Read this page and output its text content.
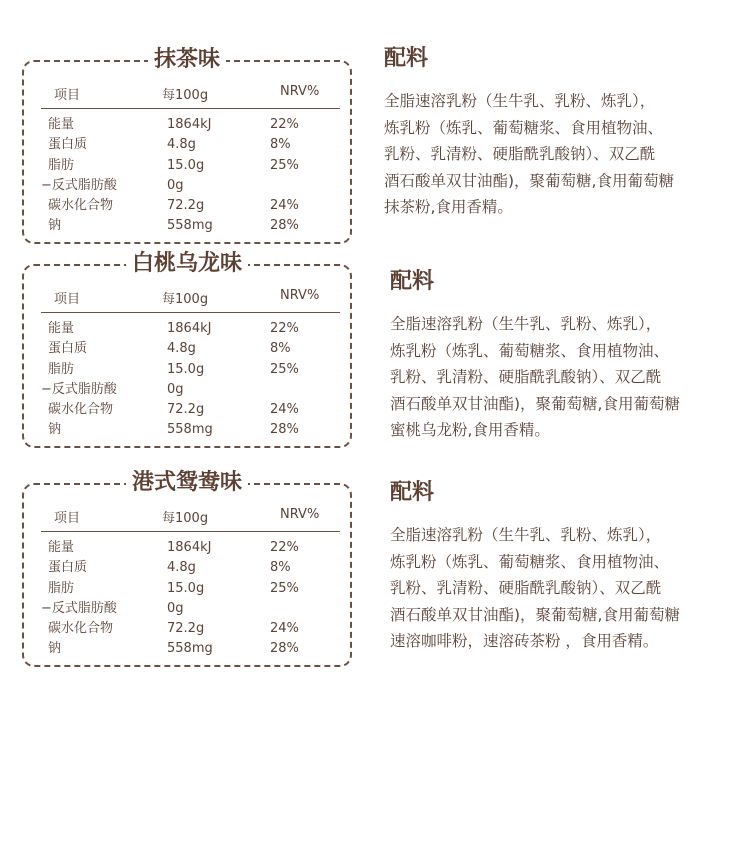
抹茶味
项目	每100g	NRV%
能量	1864kJ	22%
蛋白质	4.8g	8%
脂肪	15.0g	25%
−反式脂肪酸	0g
碳水化合物	72.2g	24%
钠	558mg	28%
白桃乌龙味
项目	每100g	NRV%
能量	1864kJ	22%
蛋白质	4.8g	8%
脂肪	15.0g	25%
−反式脂肪酸	0g
碳水化合物	72.2g	24%
钠	558mg	28%
港式鸳鸯味
项目	每100g	NRV%
能量	1864kJ	22%
蛋白质	4.8g	8%
脂肪	15.0g	25%
−反式脂肪酸	0g
碳水化合物	72.2g	24%
钠	558mg	28%
配料
全脂速溶乳粉（生牛乳、乳粉、炼乳），
炼乳粉（炼乳、葡萄糖浆、食用植物油、
乳粉、乳清粉、硬脂酰乳酸钠）、双乙酰
酒石酸单双甘油酯)，聚葡萄糖,食用葡萄糖
抹茶粉,食用香精。
配料
全脂速溶乳粉（生牛乳、乳粉、炼乳），
炼乳粉（炼乳、葡萄糖浆、食用植物油、
乳粉、乳清粉、硬脂酰乳酸钠）、双乙酰
酒石酸单双甘油酯)，聚葡萄糖,食用葡萄糖
蜜桃乌龙粉,食用香精。
配料
全脂速溶乳粉（生牛乳、乳粉、炼乳），
炼乳粉（炼乳、葡萄糖浆、食用植物油、
乳粉、乳清粉、硬脂酰乳酸钠）、双乙酰
酒石酸单双甘油酯)，聚葡萄糖,食用葡萄糖
速溶咖啡粉，速溶砖茶粉 ，食用香精。
